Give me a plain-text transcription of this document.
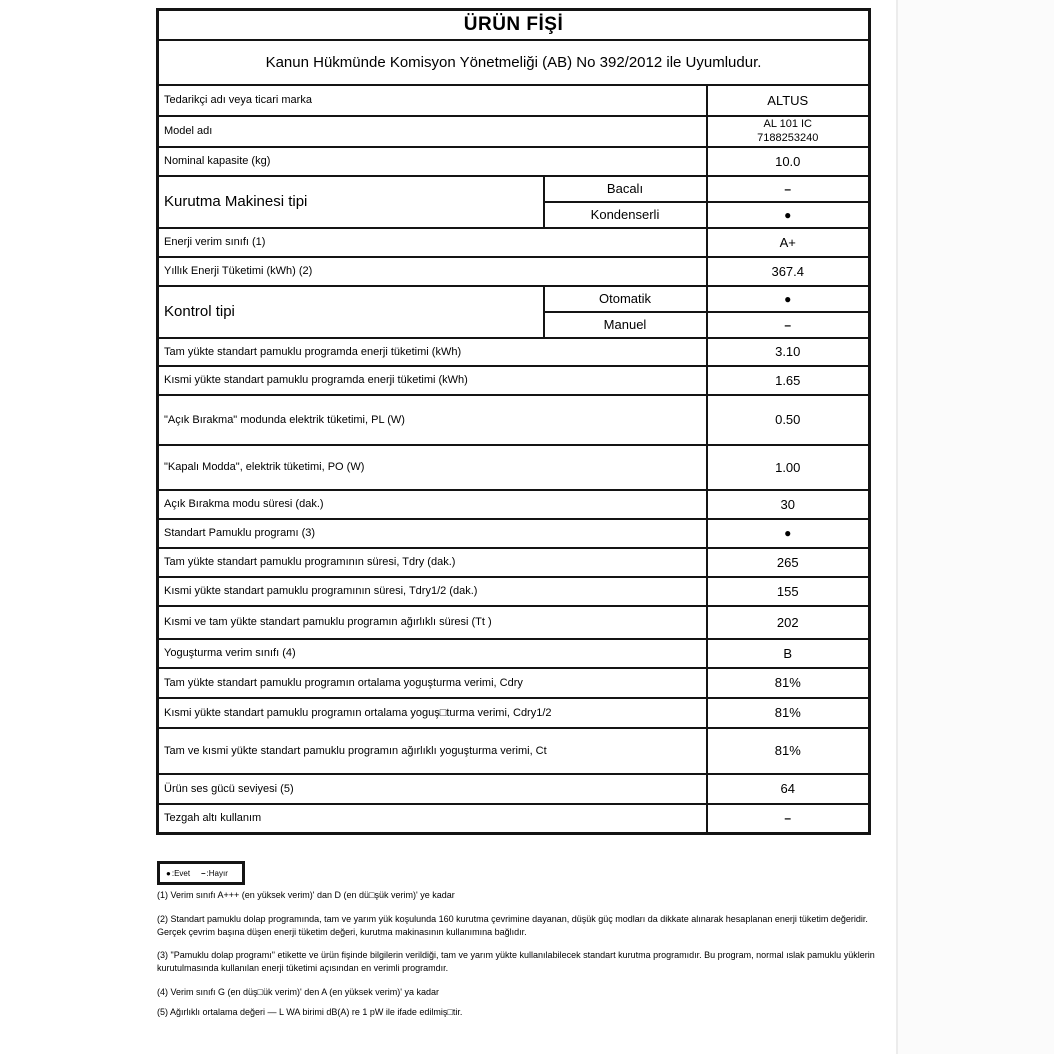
ÜRÜN FİŞİ		
Kanun Hükmünde Komisyon Yönetmeliği (AB) No 392/2012 ile Uyumludur.		
Tedarikçi adı veya ticari marka		ALTUS
Model adı		AL 101 IC
7188253240

Nominal kapasite (kg)		10.0
Kurutma Makinesi tipi	Bacalı	–
	Kondenserli	●
Enerji verim sınıfı (1)		A+
Yıllık Enerji Tüketimi (kWh) (2)		367.4
Kontrol tipi	Otomatik	●
	Manuel	–
Tam yükte standart pamuklu programda enerji tüketimi (kWh)		3.10
Kısmi yükte standart pamuklu programda enerji tüketimi (kWh)		1.65
"Açık Bırakma" modunda elektrik tüketimi, PL (W)		0.50
"Kapalı Modda", elektrik tüketimi, PO (W)		1.00
Açık Bırakma modu süresi (dak.)		30
Standart Pamuklu programı (3)		●
Tam yükte standart pamuklu programının süresi, Tdry (dak.)		265
Kısmi yükte standart pamuklu programının süresi, Tdry1/2 (dak.)		155
Kısmi ve tam yükte standart pamuklu programın ağırlıklı süresi (Tt )		202
Yoguşturma verim sınıfı (4)		B
Tam yükte standart pamuklu programın ortalama yoguşturma verimi, Cdry		81%
Kısmi yükte standart pamuklu programın ortalama yoguş□turma verimi, Cdry1/2		81%
Tam ve kısmi yükte standart pamuklu programın ağırlıklı yoguşturma verimi, Ct		81%
Ürün ses gücü seviyesi (5)		64
Tezgah altı kullanım		–
●:Evet –:Hayır

(1) Verim sınıfı A+++ (en yüksek verim)' dan D (en dü□şük verim)' ye kadar

(2) Standart pamuklu dolap programında, tam ve yarım yük koşulunda 160 kurutma çevrimine dayanan, düşük güç modları da dikkate alınarak hesaplanan enerji tüketim değeridir. Gerçek çevrim başına düşen enerji tüketim değeri, kurutma makinasının kullanımına bağlıdır.

(3) "Pamuklu dolap programı" etikette ve ürün fişinde bilgilerin verildiği, tam ve yarım yükte kullanılabilecek standart kurutma programıdır. Bu program, normal ıslak pamuklu yüklerin kurutulmasında kullanılan enerji tüketimi açısından en verimli programdır.

(4) Verim sınıfı G (en düş□ük verim)' den A (en yüksek verim)' ya kadar

(5) Ağırlıklı ortalama değeri — L WA birimi dB(A) re 1 pW ile ifade edilmiş□tir.
